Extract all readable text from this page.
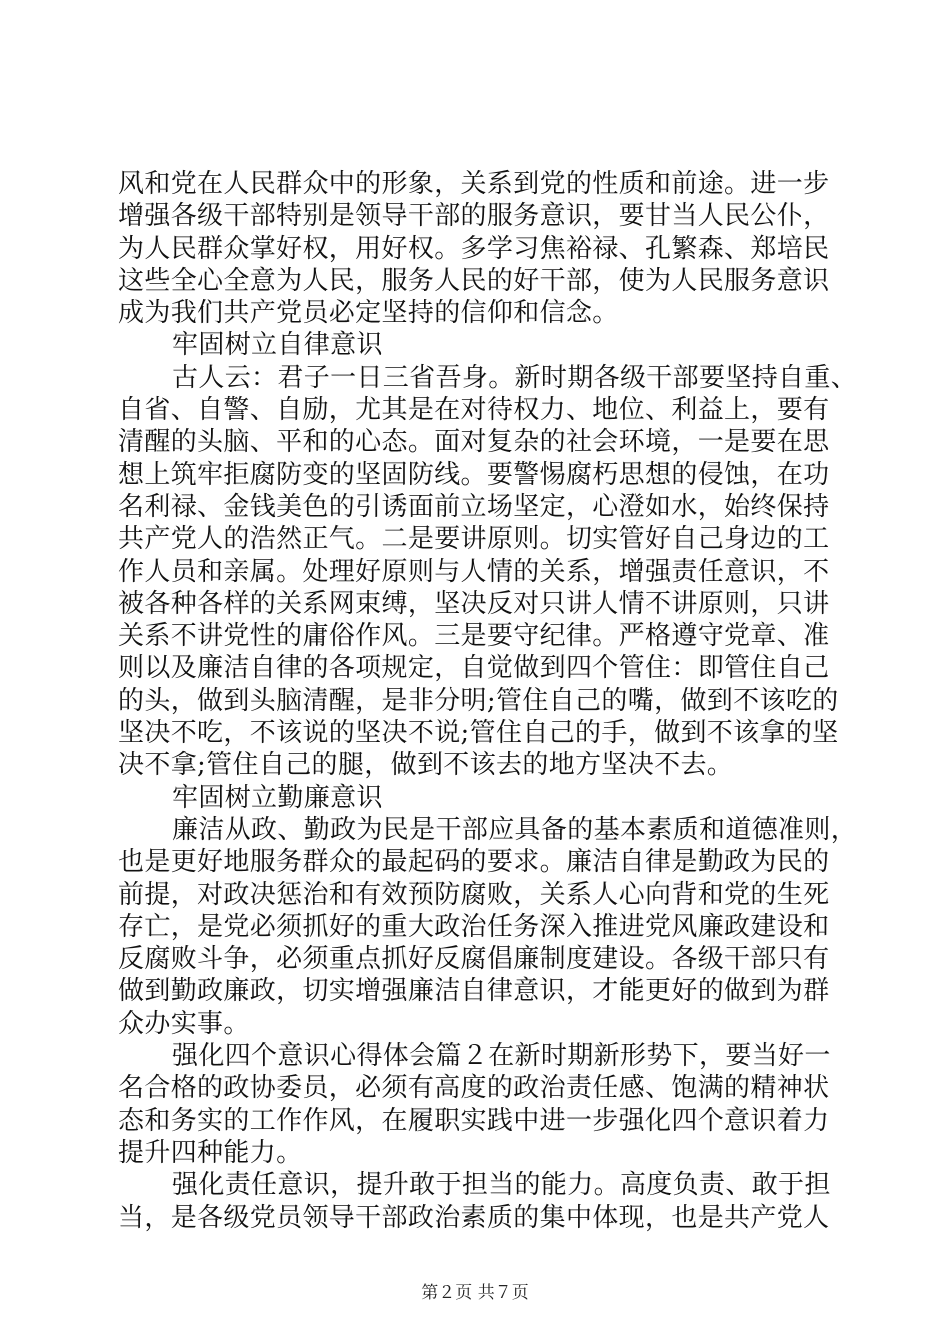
风和党在人民群众中的形象，关系到党的性质和前途。进一步
增强各级干部特别是领导干部的服务意识，要甘当人民公仆，
为人民群众掌好权，用好权。多学习焦裕禄、孔繁森、郑培民
这些全心全意为人民，服务人民的好干部，使为人民服务意识
成为我们共产党员必定坚持的信仰和信念。
牢固树立自律意识
古人云：君子一日三省吾身。新时期各级干部要坚持自重、
自省、自警、自励，尤其是在对待权力、地位、利益上，要有
清醒的头脑、平和的心态。面对复杂的社会环境，一是要在思
想上筑牢拒腐防变的坚固防线。要警惕腐朽思想的侵蚀，在功
名利禄、金钱美色的引诱面前立场坚定，心澄如水，始终保持
共产党人的浩然正气。二是要讲原则。切实管好自己身边的工
作人员和亲属。处理好原则与人情的关系，增强责任意识，不
被各种各样的关系网束缚，坚决反对只讲人情不讲原则，只讲
关系不讲党性的庸俗作风。三是要守纪律。严格遵守党章、准
则以及廉洁自律的各项规定，自觉做到四个管住：即管住自己
的头，做到头脑清醒，是非分明;管住自己的嘴，做到不该吃的
坚决不吃，不该说的坚决不说;管住自己的手，做到不该拿的坚
决不拿;管住自己的腿，做到不该去的地方坚决不去。
牢固树立勤廉意识
廉洁从政、勤政为民是干部应具备的基本素质和道德准则，
也是更好地服务群众的最起码的要求。廉洁自律是勤政为民的
前提，对政决惩治和有效预防腐败，关系人心向背和党的生死
存亡，是党必须抓好的重大政治任务深入推进党风廉政建设和
反腐败斗争，必须重点抓好反腐倡廉制度建设。各级干部只有
做到勤政廉政，切实增强廉洁自律意识，才能更好的做到为群
众办实事。
强化四个意识心得体会篇２在新时期新形势下，要当好一
名合格的政协委员，必须有高度的政治责任感、饱满的精神状
态和务实的工作作风，在履职实践中进一步强化四个意识着力
提升四种能力。
强化责任意识，提升敢于担当的能力。高度负责、敢于担
当，是各级党员领导干部政治素质的集中体现，也是共产党人
第２页 共７页
